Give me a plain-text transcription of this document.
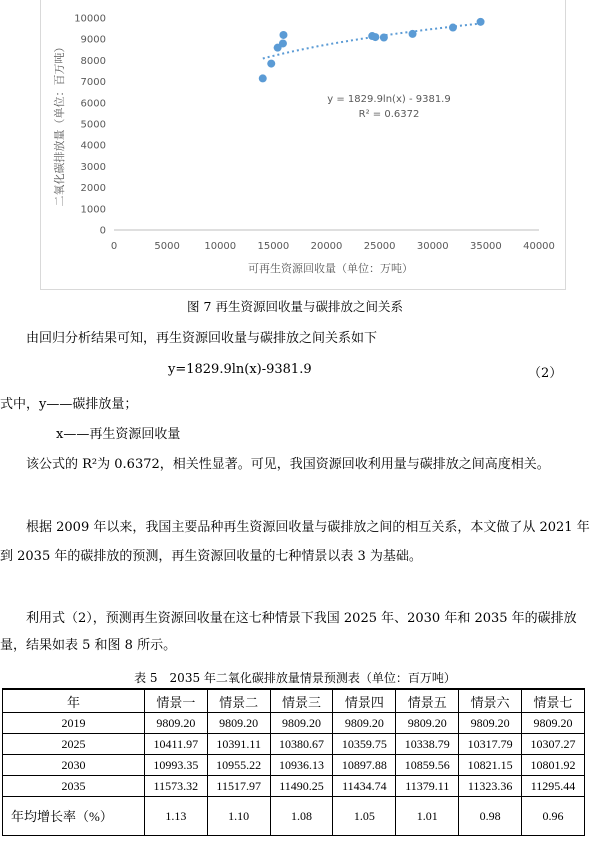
0
1000
2000
3000
4000
5000
6000
7000
8000
9000
10000
0	5000 10000 15000 20000 25000 30000 35000 40000
可再生资源回收量（单位：万吨）
二氧化碳排放量（单位：百万吨）	y = 1829.9ln(x) - 9381.9
R² = 0.6372
图 7 再生资源回收量与碳排放之间关系
由回归分析结果可知，再生资源回收量与碳排放之间关系如下
y=1829.9ln(x)-9381.9	（2）
式中，y——碳排放量；
x——再生资源回收量
该公式的 R²为 0.6372，相关性显著。可见，我国资源回收利用量与碳排放之间高度相关。
根据 2009 年以来，我国主要品种再生资源回收量与碳排放之间的相互关系，本文做了从 2021 年到 2035 年的碳排放的预测，再生资源回收量的七种情景以表 3 为基础。
利用式（2），预测再生资源回收量在这七种情景下我国 2025 年、2030 年和 2035 年的碳排放量，结果如表 5 和图 8 所示。
表 5　2035 年二氧化碳排放量情景预测表（单位：百万吨）
年	情景一	情景二	情景三	情景四	情景五	情景六	情景七
2019	9809.20	9809.20	9809.20	9809.20	9809.20	9809.20	9809.20
2025	10411.97	10391.11	10380.67	10359.75	10338.79	10317.79	10307.27
2030	10993.35	10955.22	10936.13	10897.88	10859.56	10821.15	10801.92
2035	11573.32	11517.97	11490.25	11434.74	11379.11	11323.36	11295.44
年均增长率（%）	1.13	1.10	1.08	1.05	1.01	0.98	0.96
